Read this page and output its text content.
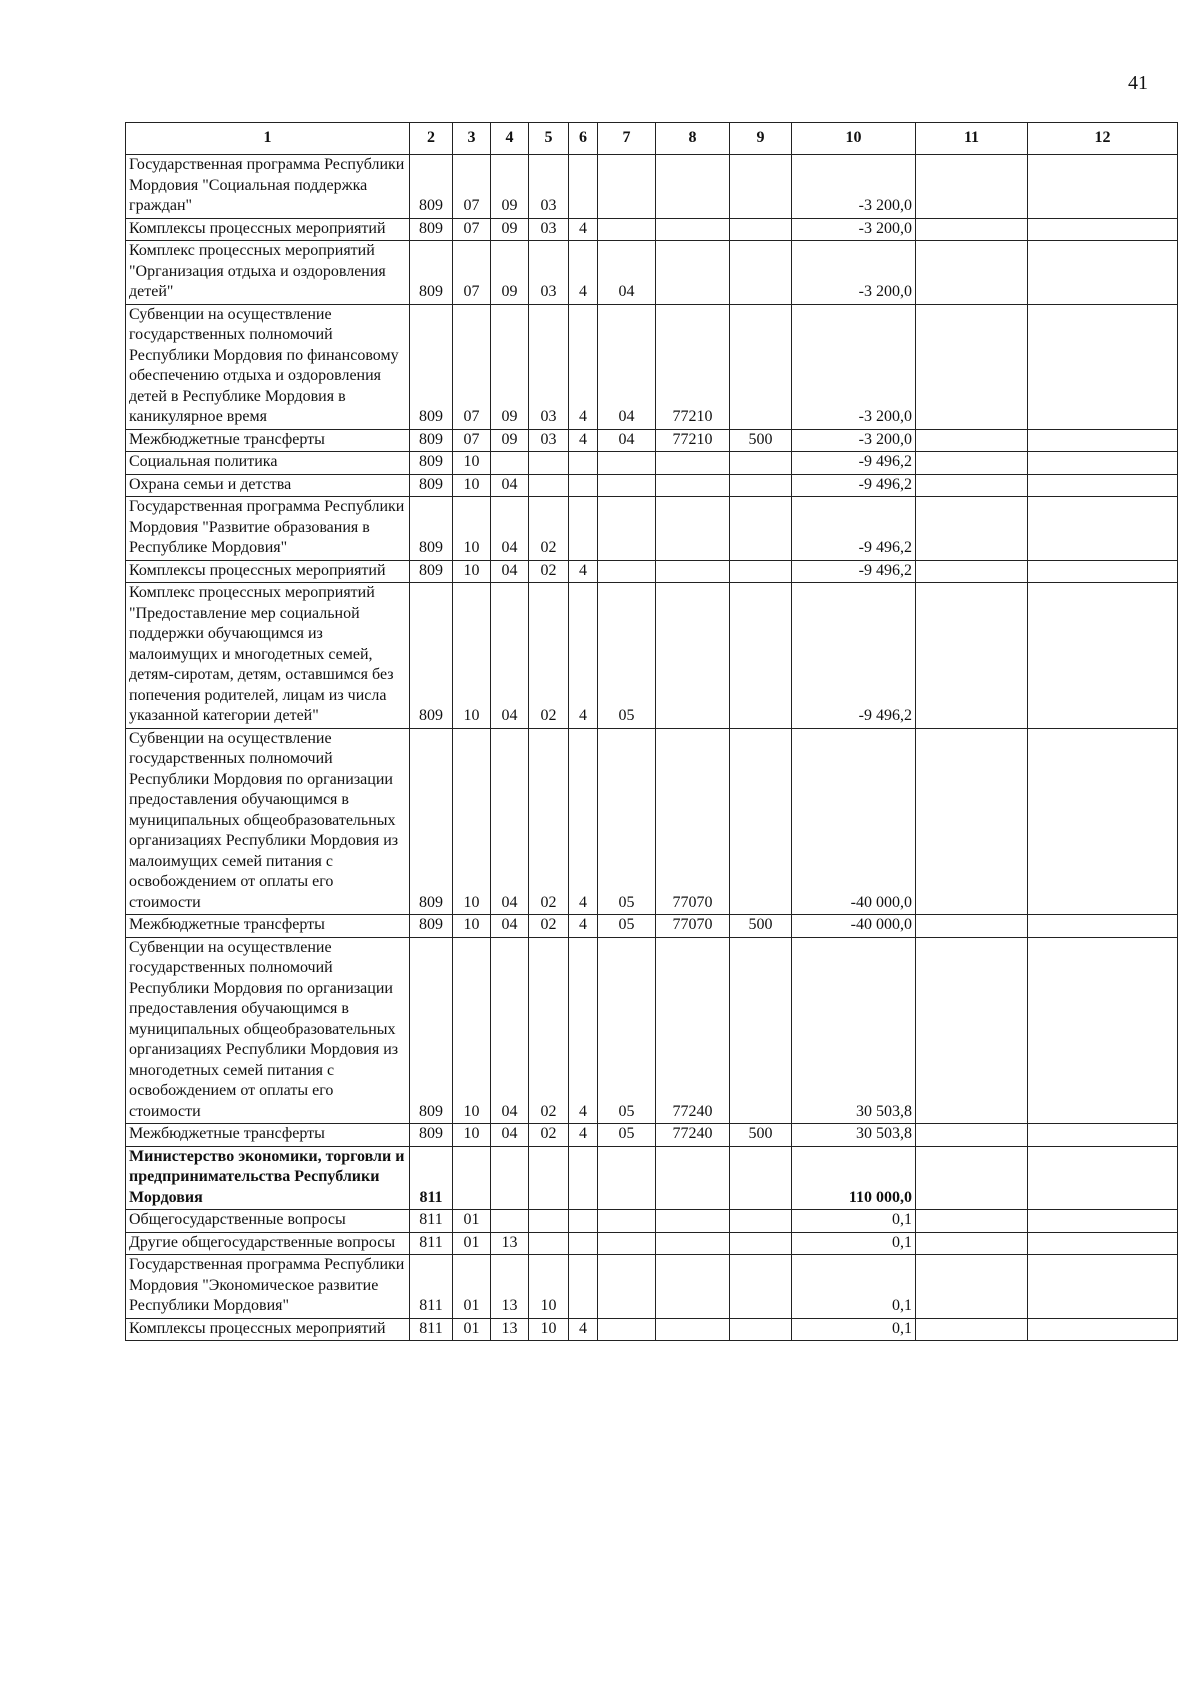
41
1	2	3	4	5	6	7	8	9	10	11	12
Государственная программа Республики Мордовия "Социальная поддержка граждан"	809	07	09	03					-3 200,0		
Комплексы процессных мероприятий	809	07	09	03	4				-3 200,0		
Комплекс процессных мероприятий "Организация отдыха и оздоровления детей"	809	07	09	03	4	04			-3 200,0		
Субвенции на осуществление государственных полномочий Республики Мордовия по финансовому обеспечению отдыха и оздоровления детей в Республике Мордовия в каникулярное время	809	07	09	03	4	04	77210		-3 200,0		
Межбюджетные трансферты	809	07	09	03	4	04	77210	500	-3 200,0		
Социальная политика	809	10							-9 496,2		
Охрана семьи и детства	809	10	04						-9 496,2		
Государственная программа Республики Мордовия "Развитие образования в Республике Мордовия"	809	10	04	02					-9 496,2		
Комплексы процессных мероприятий	809	10	04	02	4				-9 496,2		
Комплекс процессных мероприятий "Предоставление мер социальной поддержки обучающимся из малоимущих и многодетных семей, детям-сиротам, детям, оставшимся без попечения родителей, лицам из числа указанной категории детей"	809	10	04	02	4	05			-9 496,2		
Субвенции на осуществление государственных полномочий Республики Мордовия по организации предоставления обучающимся в муниципальных общеобразовательных организациях Республики Мордовия из малоимущих семей питания с освобождением от оплаты его стоимости	809	10	04	02	4	05	77070		-40 000,0		
Межбюджетные трансферты	809	10	04	02	4	05	77070	500	-40 000,0		
Субвенции на осуществление государственных полномочий Республики Мордовия по организации предоставления обучающимся в муниципальных общеобразовательных организациях Республики Мордовия из многодетных семей питания с освобождением от оплаты его стоимости	809	10	04	02	4	05	77240		30 503,8		
Межбюджетные трансферты	809	10	04	02	4	05	77240	500	30 503,8		
Министерство экономики, торговли и предпринимательства Республики Мордовия	811								110 000,0		
Общегосударственные вопросы	811	01							0,1		
Другие общегосударственные вопросы	811	01	13						0,1		
Государственная программа Республики Мордовия "Экономическое развитие Республики Мордовия"	811	01	13	10					0,1		
Комплексы процессных мероприятий	811	01	13	10	4				0,1		
